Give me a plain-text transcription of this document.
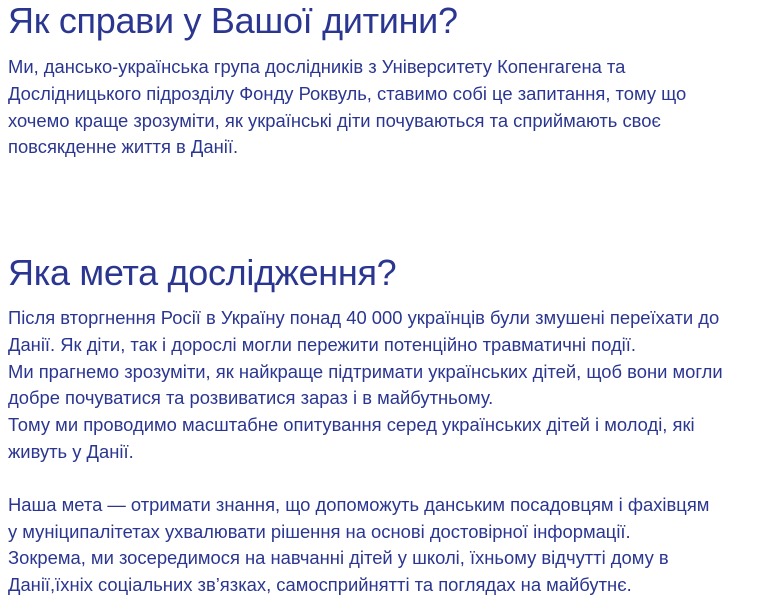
Як справи у Вашої дитини?
Ми, дансько-українська група дослідників з Університету Копенгагена та
Дослідницького підрозділу Фонду Роквуль, ставимо собі це запитання, тому що
хочемо краще зрозуміти, як українські діти почуваються та сприймають своє
повсякденне життя в Данії.
Яка мета дослідження?
Після вторгнення Росії в Україну понад 40 000 українців були змушені переїхати до
Данії. Як діти, так і дорослі могли пережити потенційно травматичні події.
Ми прагнемо зрозуміти, як найкраще підтримати українських дітей, щоб вони могли
добре почуватися та розвиватися зараз і в майбутньому.
Тому ми проводимо масштабне опитування серед українських дітей і молоді, які
живуть у Данії.
Наша мета — отримати знання, що допоможуть данським посадовцям і фахівцям
у муніципалітетах ухвалювати рішення на основі достовірної інформації.
Зокрема, ми зосередимося на навчанні дітей у школі, їхньому відчутті дому в
Данії,їхніх соціальних зв’язках, самосприйнятті та поглядах на майбутнє.
